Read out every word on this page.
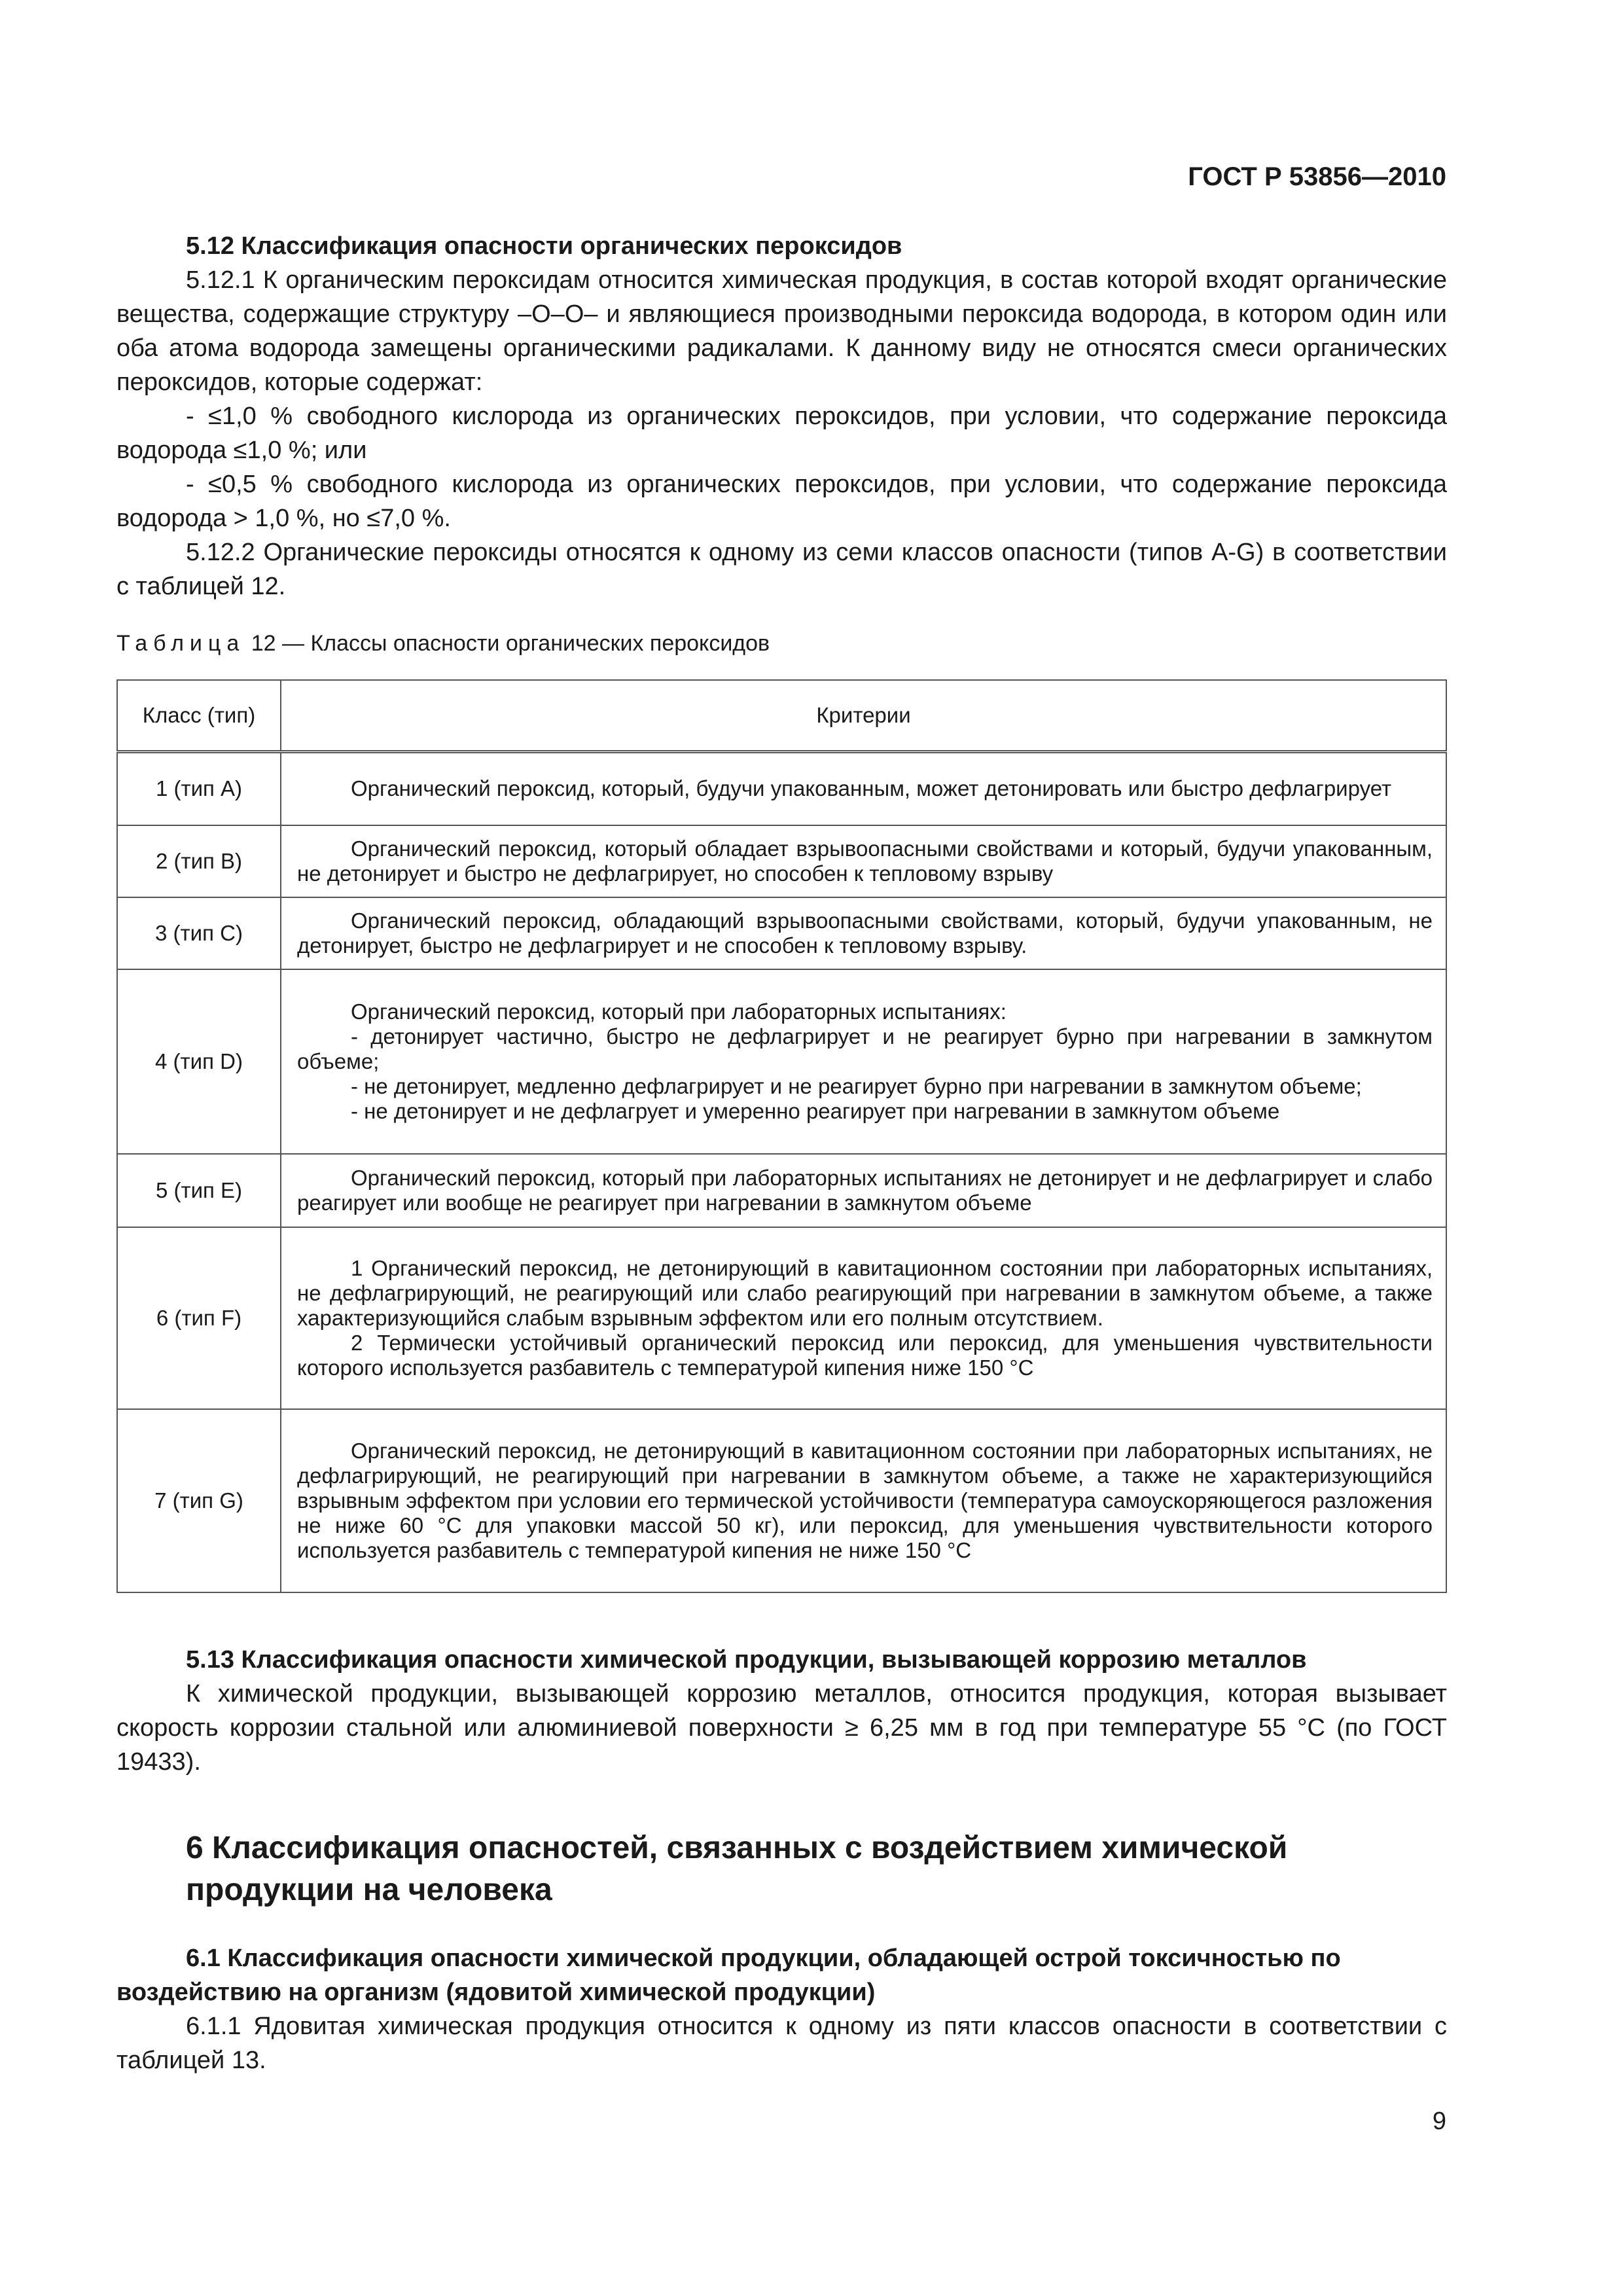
ГОСТ Р 53856—2010

5.12 Классификация опасности органических пероксидов

5.12.1 К органическим пероксидам относится химическая продукция, в состав которой входят органические вещества, содержащие структуру –O–O– и являющиеся производными пероксида водорода, в котором один или оба атома водорода замещены органическими радикалами. К данному виду не относятся смеси органических пероксидов, которые содержат:

- ≤1,0 % свободного кислорода из органических пероксидов, при условии, что содержание пероксида водорода ≤1,0 %; или

- ≤0,5 % свободного кислорода из органических пероксидов, при условии, что содержание пероксида водорода > 1,0 %, но ≤7,0 %.

5.12.2 Органические пероксиды относятся к одному из семи классов опасности (типов A-G) в соответствии с таблицей 12.

Таблица 12 — Классы опасности органических пероксидов
Класс (тип)	Критерии
1 (тип A)	Органический пероксид, который, будучи упакованным, может детонировать или быстро дефлагрирует

2 (тип B)	Органический пероксид, который обладает взрывоопасными свойствами и который, будучи упакованным, не детонирует и быстро не дефлагрирует, но способен к тепловому взрыву

3 (тип C)	Органический пероксид, обладающий взрывоопасными свойствами, который, будучи упакованным, не детонирует, быстро не дефлагрирует и не способен к тепловому взрыву.

4 (тип D)	Органический пероксид, который при лабораторных испытаниях:
- детонирует частично, быстро не дефлагрирует и не реагирует бурно при нагревании в замкнутом объеме;
- не детонирует, медленно дефлагрирует и не реагирует бурно при нагревании в замкнутом объеме;
- не детонирует и не дефлагрует и умеренно реагирует при нагревании в замкнутом объеме

5 (тип E)	Органический пероксид, который при лабораторных испытаниях не детонирует и не дефлагрирует и слабо реагирует или вообще не реагирует при нагревании в замкнутом объеме

6 (тип F)	1 Органический пероксид, не детонирующий в кавитационном состоянии при лабораторных испытаниях, не дефлагрирующий, не реагирующий или слабо реагирующий при нагревании в замкнутом объеме, а также характеризующийся слабым взрывным эффектом или его полным отсутствием.
2 Термически устойчивый органический пероксид или пероксид, для уменьшения чувствительности которого используется разбавитель с температурой кипения ниже 150 °С

7 (тип G)	Органический пероксид, не детонирующий в кавитационном состоянии при лабораторных испытаниях, не дефлагрирующий, не реагирующий при нагревании в замкнутом объеме, а также не характеризующийся взрывным эффектом при условии его термической устойчивости (температура самоускоряющегося разложения не ниже 60 °С для упаковки массой 50 кг), или пероксид, для уменьшения чувствительности которого используется разбавитель с температурой кипения не ниже 150 °С

5.13 Классификация опасности химической продукции, вызывающей коррозию металлов

К химической продукции, вызывающей коррозию металлов, относится продукция, которая вызывает скорость коррозии стальной или алюминиевой поверхности ≥ 6,25 мм в год при температуре 55 °С (по ГОСТ 19433).

6 Классификация опасностей, связанных с воздействием химической

продукции на человека

6.1 Классификация опасности химической продукции, обладающей острой токсичностью по воздействию на организм (ядовитой химической продукции)

6.1.1 Ядовитая химическая продукция относится к одному из пяти классов опасности в соответствии с таблицей 13.

9
